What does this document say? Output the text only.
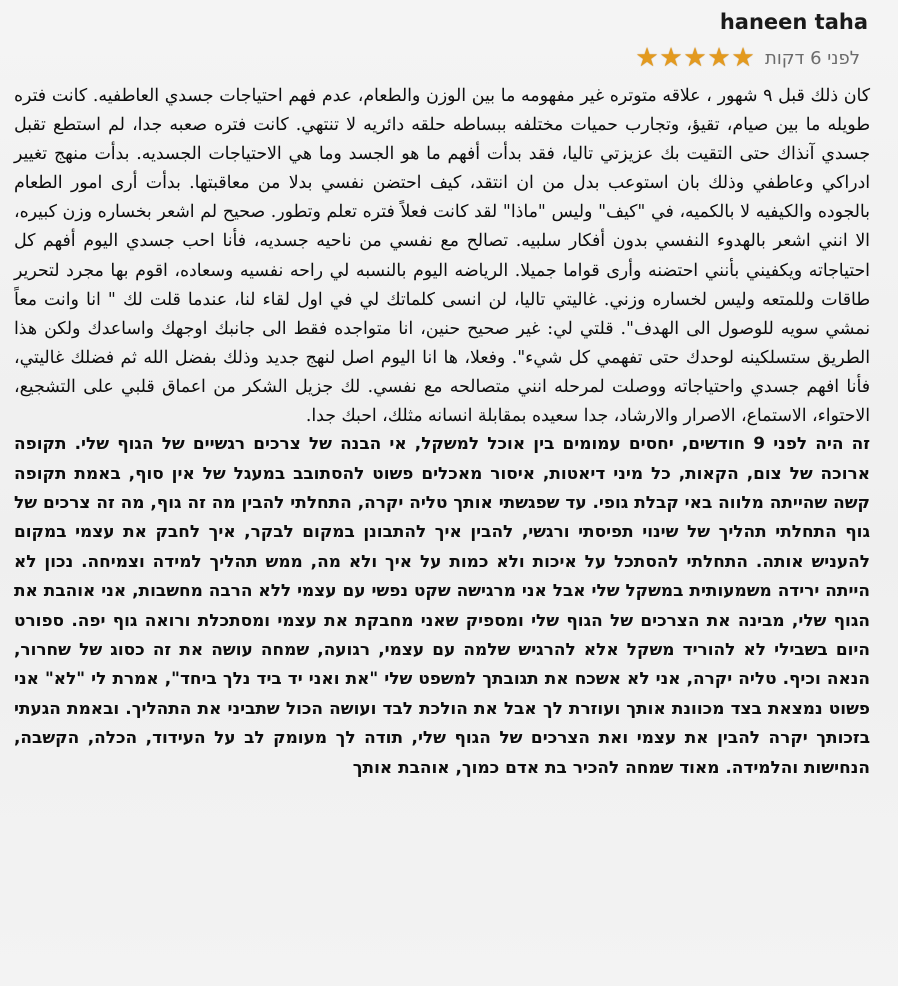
haneen taha
לפני 6 דקות
★ ★ ★ ★ ★

كان ذلك قبل ٩ شهور ، علاقه متوتره غير مفهومه ما بين الوزن والطعام، عدم فهم احتياجات جسدي العاطفيه. كانت فتره طويله ما بين صيام، تقيؤ، وتجارب حميات مختلفه ببساطه حلقه دائريه لا تنتهي. كانت فتره صعبه جدا، لم استطع تقبل جسدي آنذاك حتى التقيت بك عزيزتي تاليا، فقد بدأت أفهم ما هو الجسد وما هي الاحتياجات الجسديه. بدأت منهج تغيير ادراكي وعاطفي وذلك بان استوعب بدل من ان انتقد، كيف احتضن نفسي بدلا من معاقبتها. بدأت أرى امور الطعام بالجوده والكيفيه لا بالكميه، في "كيف" وليس "ماذا" لقد كانت فعلاً فتره تعلم وتطور. صحيح لم اشعر بخساره وزن كبيره، الا انني اشعر بالهدوء النفسي بدون أفكار سلبيه. تصالح مع نفسي من ناحيه جسديه، فأنا احب جسدي اليوم أفهم كل احتياجاته ويكفيني بأنني احتضنه وأرى قواما جميلا. الرياضه اليوم بالنسبه لي راحه نفسيه وسعاده، اقوم بها مجرد لتحرير طاقات وللمتعه وليس لخساره وزني. غاليتي تاليا، لن انسى كلماتك لي في اول لقاء لنا، عندما قلت لك " انا وانت معاً نمشي سويه للوصول الى الهدف". قلتي لي: غير صحيح حنين، انا متواجده فقط الى جانبك اوجهك واساعدك ولكن هذا الطريق ستسلكينه لوحدك حتى تفهمي كل شيء". وفعلا، ها انا اليوم اصل لنهج جديد وذلك بفضل الله ثم فضلك غاليتي، فأنا افهم جسدي واحتياجاته ووصلت لمرحله انني متصالحه مع نفسي. لك جزيل الشكر من اعماق قلبي على التشجيع، الاحتواء، الاستماع، الاصرار والارشاد، جدا سعيده بمقابلة انسانه مثلك، احبك جدا.

זה היה לפני 9 חודשים, יחסים עמומים בין אוכל למשקל, אי הבנה של צרכים רגשיים של הגוף שלי. תקופה ארוכה של צום, הקאות, כל מיני דיאטות, איסור מאכלים פשוט להסתובב במעגל של אין סוף, באמת תקופה קשה שהייתה מלווה באי קבלת גופי. עד שפגשתי אותך טליה יקרה, התחלתי להבין מה זה גוף, מה זה צרכים של גוף התחלתי תהליך של שינוי תפיסתי ורגשי, להבין איך להתבונן במקום לבקר, איך לחבק את עצמי במקום להעניש אותה. התחלתי להסתכל על איכות ולא כמות על איך ולא מה, ממש תהליך למידה וצמיחה. נכון לא הייתה ירידה משמעותית במשקל שלי אבל אני מרגישה שקט נפשי עם עצמי ללא הרבה מחשבות, אני אוהבת את הגוף שלי, מבינה את הצרכים של הגוף שלי ומספיק שאני מחבקת את עצמי ומסתכלת ורואה גוף יפה. ספורט היום בשבילי לא להוריד משקל אלא להרגיש שלמה עם עצמי, רגועה, שמחה עושה את זה כסוג של שחרור, הנאה וכיף. טליה יקרה, אני לא אשכח את תגובתך למשפט שלי "את ואני יד ביד נלך ביחד", אמרת לי "לא" אני פשוט נמצאת בצד מכוונת אותך ועוזרת לך אבל את הולכת לבד ועושה הכול שתביני את התהליך. ובאמת הגעתי בזכותך יקרה להבין את עצמי ואת הצרכים של הגוף שלי, תודה לך מעומק לב על העידוד, הכלה, הקשבה, הנחישות והלמידה. מאוד שמחה להכיר בת אדם כמוך, אוהבת אותך
